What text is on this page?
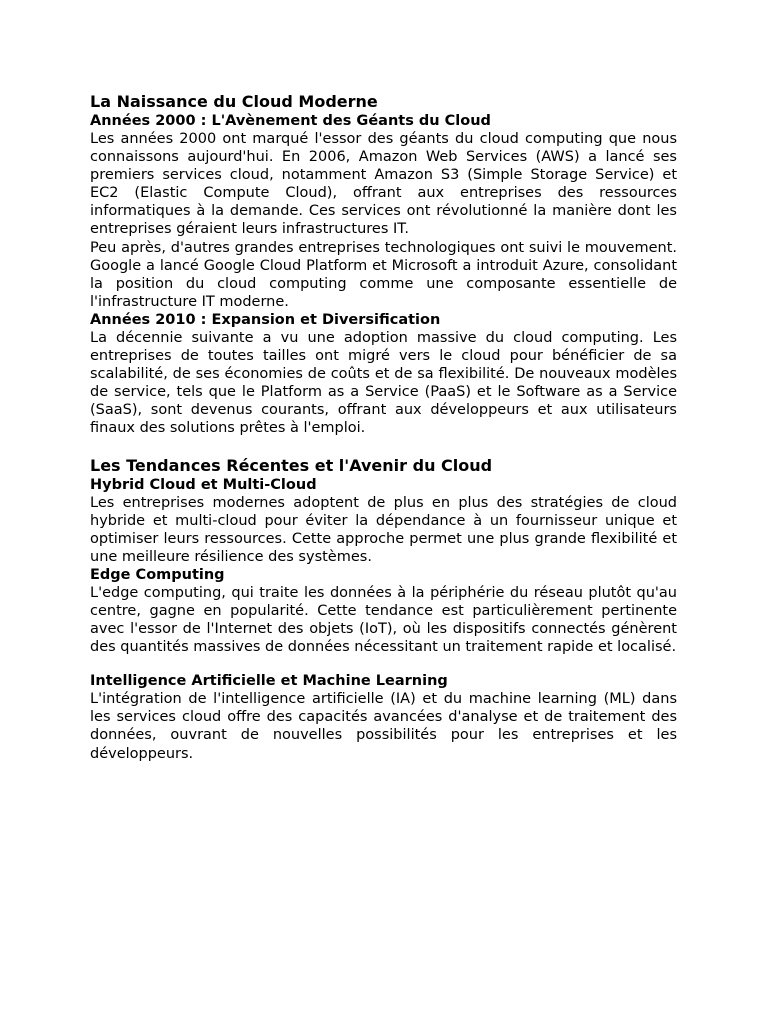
La Naissance du Cloud Moderne
Années 2000 : L'Avènement des Géants du Cloud

Les années 2000 ont marqué l'essor des géants du cloud computing que nous connaissons aujourd'hui. En 2006, Amazon Web Services (AWS) a lancé ses premiers services cloud, notamment Amazon S3 (Simple Storage Service) et EC2 (Elastic Compute Cloud), offrant aux entreprises des ressources informatiques à la demande. Ces services ont révolutionné la manière dont les entreprises géraient leurs infrastructures IT.

Peu après, d'autres grandes entreprises technologiques ont suivi le mouvement. Google a lancé Google Cloud Platform et Microsoft a introduit Azure, consolidant la position du cloud computing comme une composante essentielle de l'infrastructure IT moderne.

Années 2010 : Expansion et Diversification

La décennie suivante a vu une adoption massive du cloud computing. Les entreprises de toutes tailles ont migré vers le cloud pour bénéficier de sa scalabilité, de ses économies de coûts et de sa flexibilité. De nouveaux modèles de service, tels que le Platform as a Service (PaaS) et le Software as a Service (SaaS), sont devenus courants, offrant aux développeurs et aux utilisateurs finaux des solutions prêtes à l'emploi.

Les Tendances Récentes et l'Avenir du Cloud
Hybrid Cloud et Multi-Cloud

Les entreprises modernes adoptent de plus en plus des stratégies de cloud hybride et multi-cloud pour éviter la dépendance à un fournisseur unique et optimiser leurs ressources. Cette approche permet une plus grande flexibilité et une meilleure résilience des systèmes.

Edge Computing

L'edge computing, qui traite les données à la périphérie du réseau plutôt qu'au centre, gagne en popularité. Cette tendance est particulièrement pertinente avec l'essor de l'Internet des objets (IoT), où les dispositifs connectés génèrent des quantités massives de données nécessitant un traitement rapide et localisé.

Intelligence Artificielle et Machine Learning

L'intégration de l'intelligence artificielle (IA) et du machine learning (ML) dans les services cloud offre des capacités avancées d'analyse et de traitement des données, ouvrant de nouvelles possibilités pour les entreprises et les développeurs.
